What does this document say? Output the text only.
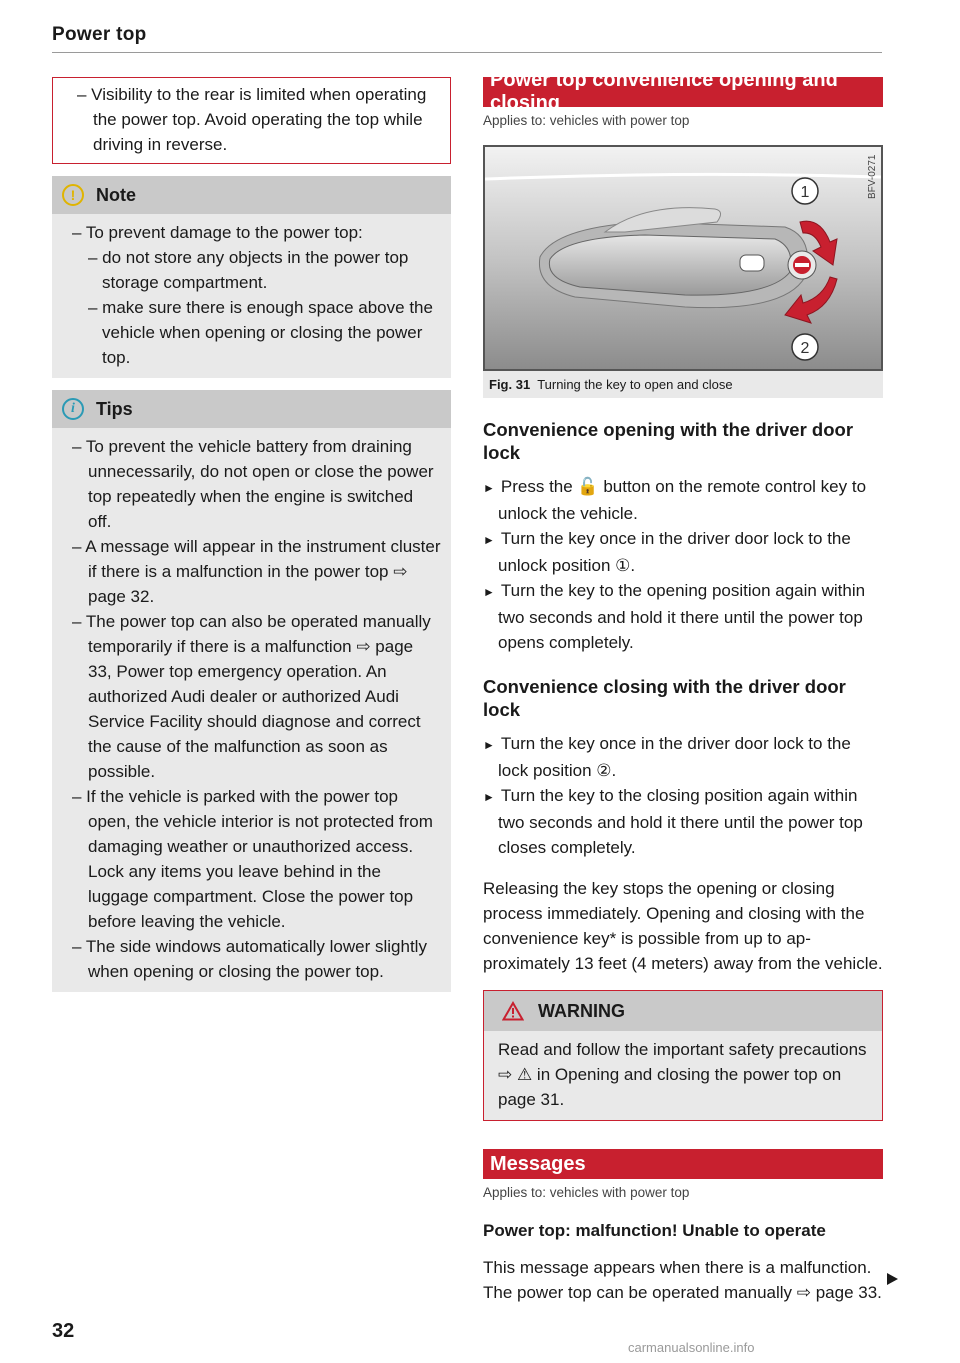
Power top
– Visibility to the rear is limited when operating the power top. Avoid operating the top while driving in reverse.
!	Note
– To prevent damage to the power top:
– do not store any objects in the power top storage compartment.
– make sure there is enough space above the vehicle when opening or closing the power top.
i	Tips
– To prevent the vehicle battery from draining unnecessarily, do not open or close the power top repeatedly when the engine is switched off.
– A message will appear in the instrument cluster if there is a malfunction in the power top ⇨ page 32.
– The power top can also be operated manually temporarily if there is a malfunction ⇨ page 33, Power top emergency operation. An authorized Audi dealer or authorized Audi Service Facility should diagnose and correct the cause of the malfunction as soon as possible.
– If the vehicle is parked with the power top open, the vehicle interior is not protected from damaging weather or unauthorized access. Lock any items you leave behind in the luggage compartment. Close the power top before leaving the vehicle.
– The side windows automatically lower slightly when opening or closing the power top.
Power top convenience opening and closing
Applies to: vehicles with power top
1
2
BFV-0271
Fig. 31 Turning the key to open and close
Convenience opening with the driver door lock
► Press the 🔓 button on the remote control key to unlock the vehicle.
► Turn the key once in the driver door lock to the unlock position ①.
► Turn the key to the opening position again within two seconds and hold it there until the power top opens completely.
Convenience closing with the driver door lock
► Turn the key once in the driver door lock to the lock position ②.
► Turn the key to the closing position again within two seconds and hold it there until the power top closes completely.
Releasing the key stops the opening or closing process immediately. Opening and closing with the convenience key* is possible from up to approximately 13 feet (4 meters) away from the vehicle.
WARNING
Read and follow the important safety precautions ⇨ ⚠ in Opening and closing the power top on page 31.
Messages
Applies to: vehicles with power top
Power top: malfunction! Unable to operate
This message appears when there is a malfunction. The power top can be operated manually ⇨ page 33.
32
carmanualsonline.info
